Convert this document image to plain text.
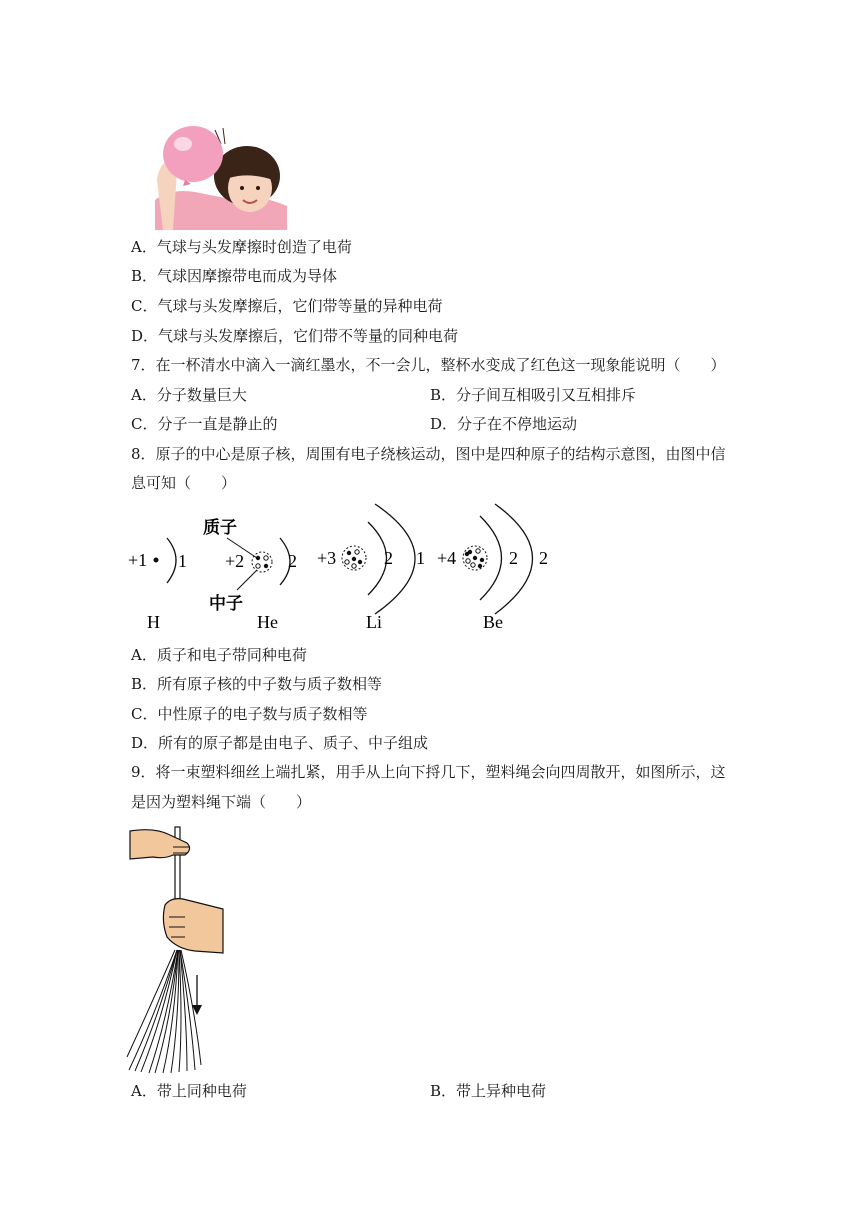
A．气球与头发摩擦时创造了电荷
B．气球因摩擦带电而成为导体
C．气球与头发摩擦后，它们带等量的异种电荷
D．气球与头发摩擦后，它们带不等量的同种电荷
7．在一杯清水中滴入一滴红墨水，不一会儿，整杯水变成了红色这一现象能说明（　　）
A．分子数量巨大	B．分子间互相吸引又互相排斥
C．分子一直是静止的	D．分子在不停地运动
8．原子的中心是原子核，周围有电子绕核运动，图中是四种原子的结构示意图，由图中信
息可知（　　）
+1 1
H
质子
+2
中子
2
He
+3	2 1
Li
+4	2 2
Be
A．质子和电子带同种电荷
B．所有原子核的中子数与质子数相等
C．中性原子的电子数与质子数相等
D．所有的原子都是由电子、质子、中子组成
9．将一束塑料细丝上端扎紧，用手从上向下捋几下，塑料绳会向四周散开，如图所示，这
是因为塑料绳下端（　　）
A．带上同种电荷	B．带上异种电荷
